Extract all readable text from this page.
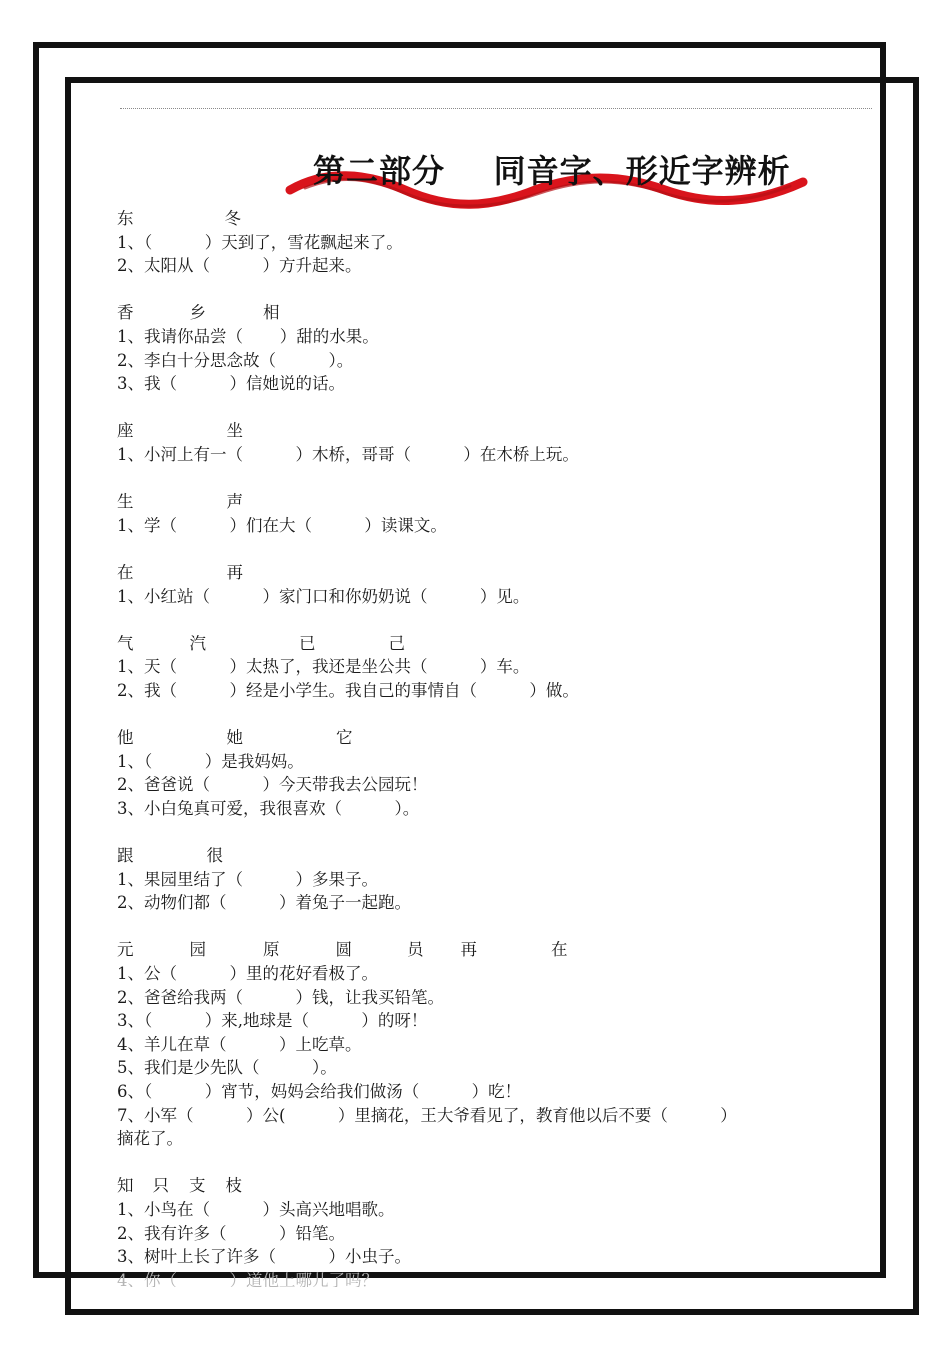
第二部分    同音字、形近字辨析
东	冬
1、（          ）天到了，雪花飘起来了。
2、太阳从（          ）方升起来。
香	乡	相
1、我请你品尝（       ）甜的水果。
2、李白十分思念故（          ）。
3、我（          ）信她说的话。
座	坐
1、小河上有一（          ）木桥，哥哥（          ）在木桥上玩。
生	声
1、学（          ）们在大（          ）读课文。
在	再
1、小红站（          ）家门口和你奶奶说（          ）见。
气	汽	已	己
1、天（          ）太热了，我还是坐公共（          ）车。
2、我（          ）经是小学生。我自己的事情自（          ）做。
他	她	它
1、（          ）是我妈妈。
2、爸爸说（          ）今天带我去公园玩！
3、小白兔真可爱，我很喜欢（          ）。
跟	很
1、果园里结了（          ）多果子。
2、动物们都（          ）着兔子一起跑。
元	园	原	圆	员 再	在
1、公（          ）里的花好看极了。
2、爸爸给我两（          ）钱，让我买铅笔。
3、（          ）来,地球是（          ）的呀！
4、羊儿在草（          ）上吃草。
5、我们是少先队（          ）。
6、（          ）宵节，妈妈会给我们做汤（          ）吃！
7、小军（          ）公(          ）里摘花，王大爷看见了，教育他以后不要（          ）
摘花了。
知 只 支 枝
1、小鸟在（          ）头高兴地唱歌。
2、我有许多（          ）铅笔。
3、树叶上长了许多（          ）小虫子。
4、你（          ）道他上哪儿了吗？
